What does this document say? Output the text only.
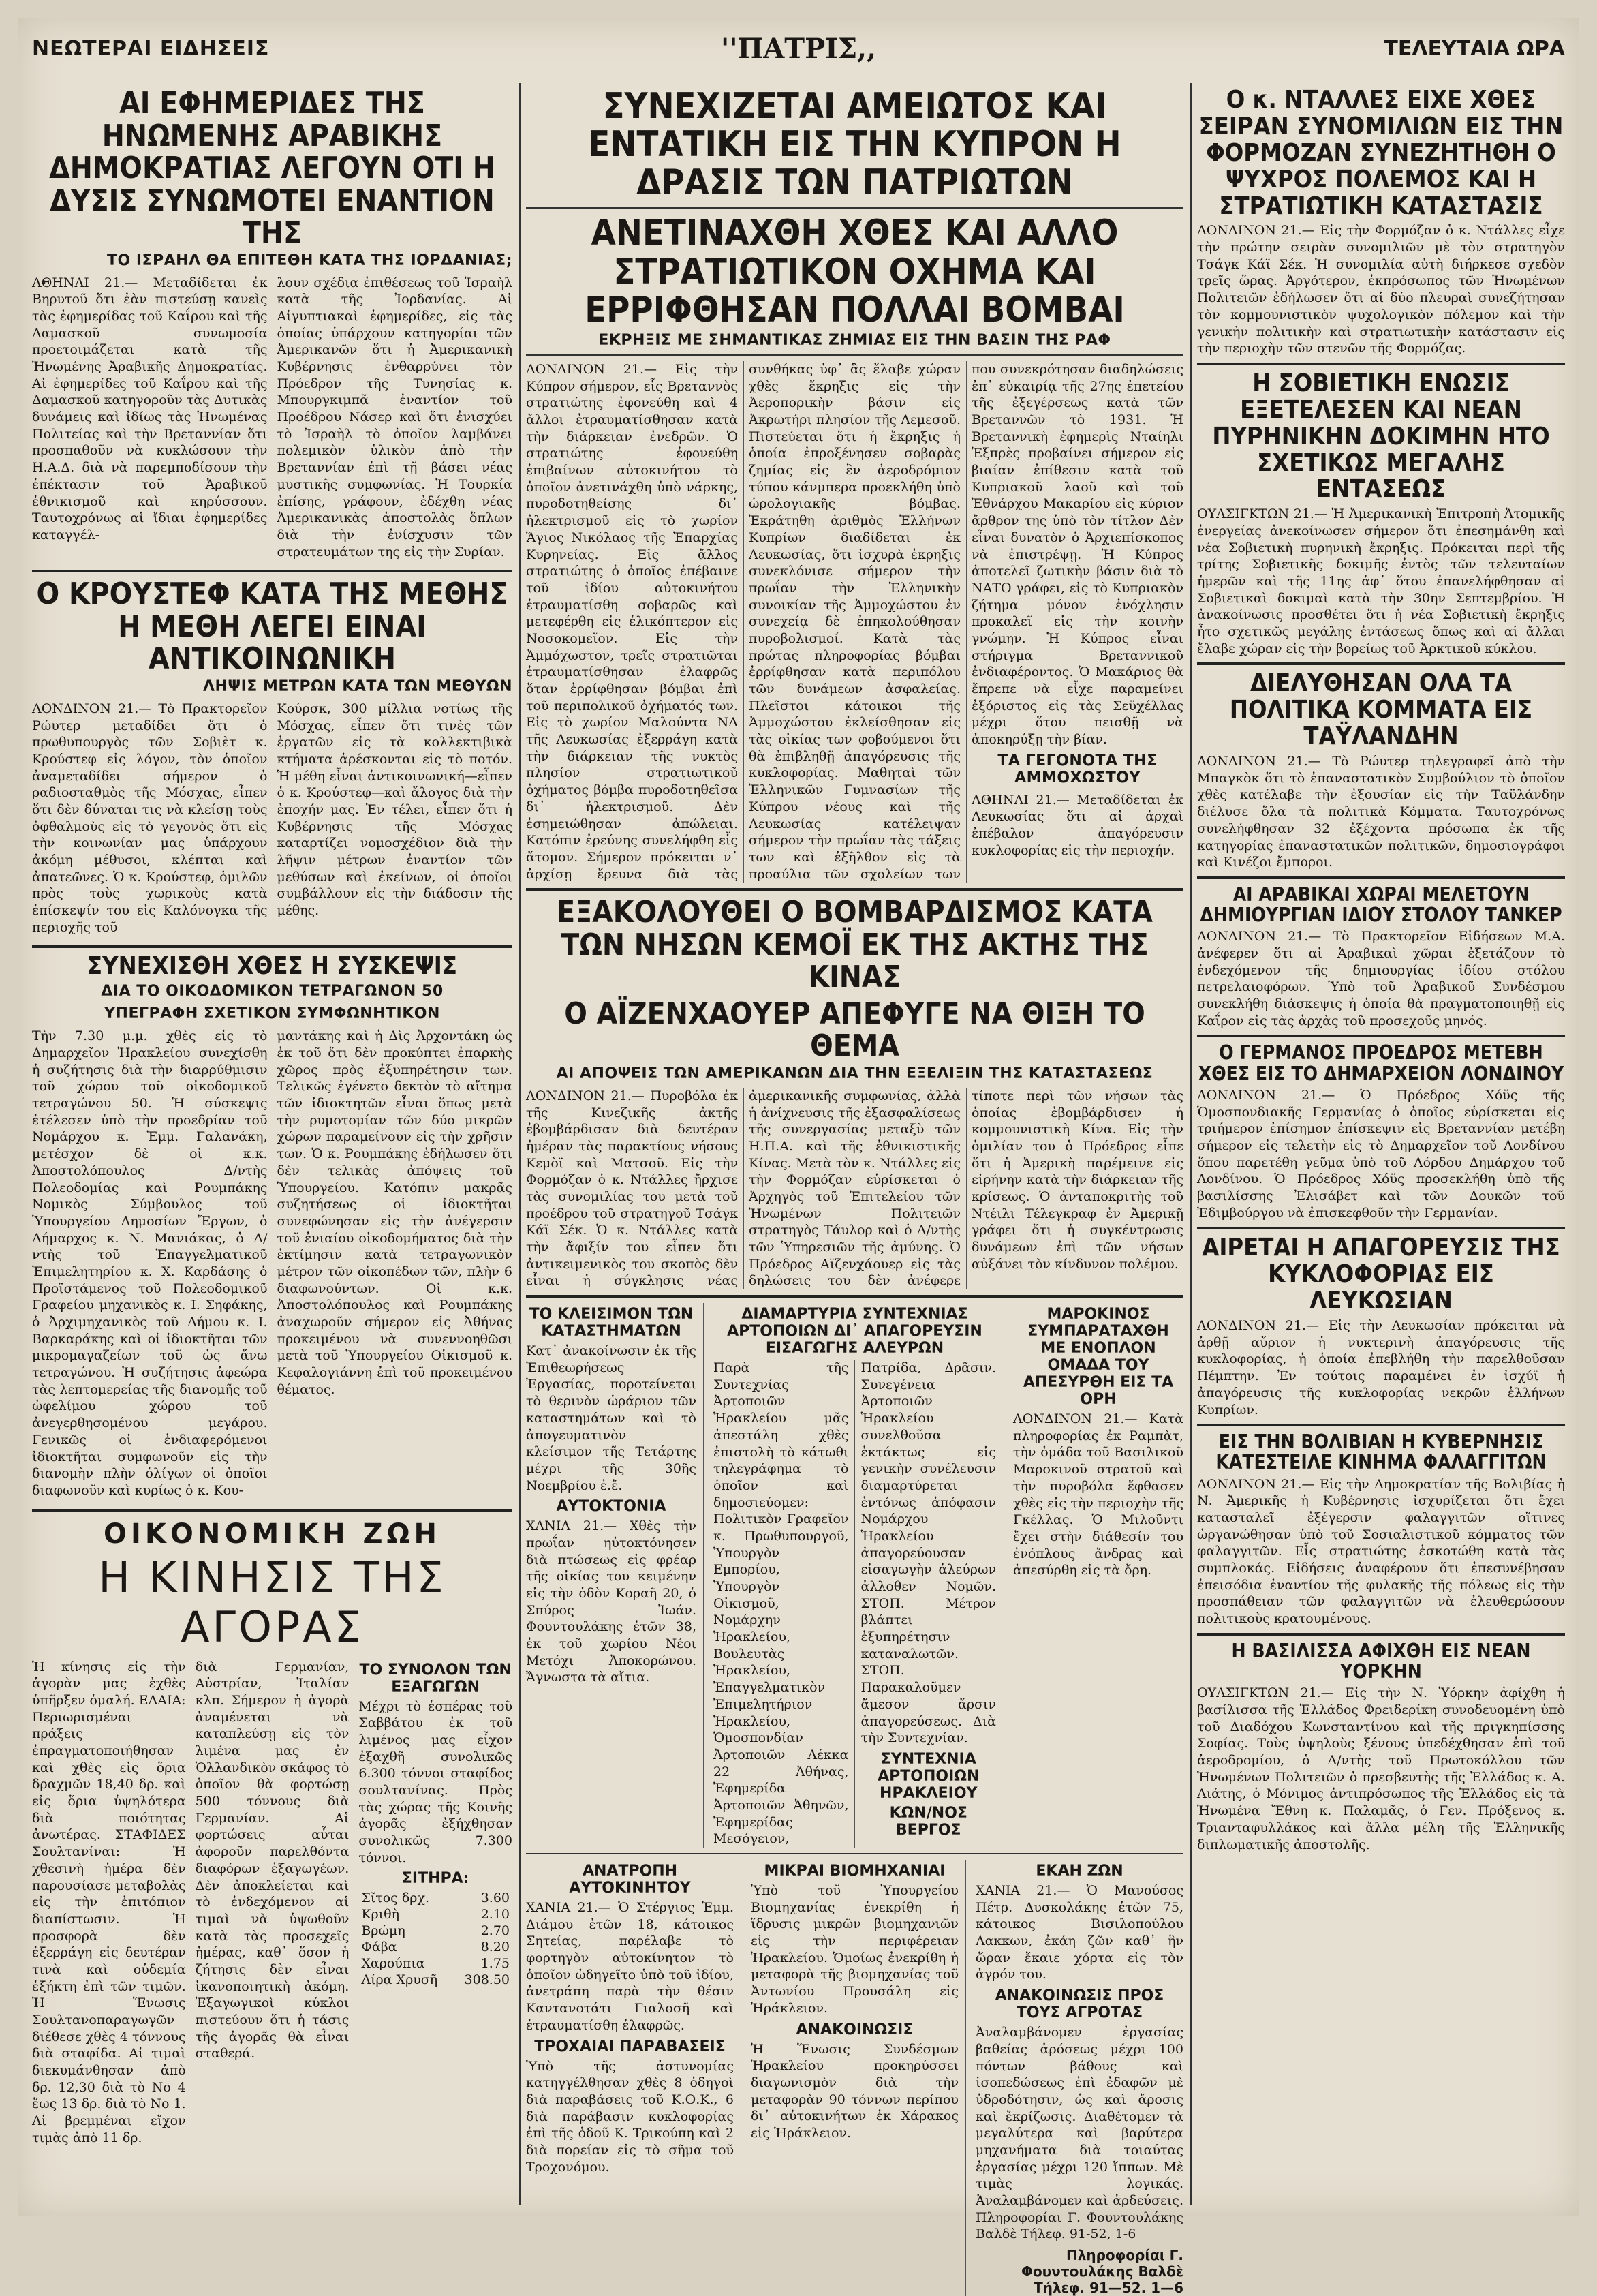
ΝΕΩΤΕΡΑΙ ΕΙΔΗΣΕΙΣ	''ΠΑΤΡΙΣ,,	ΤΕΛΕΥΤΑΙΑ ΩΡΑ
ΑΙ ΕΦΗΜΕΡΙΔΕΣ ΤΗΣ ΗΝΩΜΕΝΗΣ ΑΡΑΒΙΚΗΣ ΔΗΜΟΚΡΑΤΙΑΣ ΛΕΓΟΥΝ ΟΤΙ Η ΔΥΣΙΣ ΣΥΝΩΜΟΤΕΙ ΕΝΑΝΤΙΟΝ ΤΗΣ
ΤΟ ΙΣΡΑΗΛ ΘΑ ΕΠΙΤΕΘΗ ΚΑΤΑ ΤΗΣ ΙΟΡΔΑΝΙΑΣ;

ΑΘΗΝΑΙ 21.— Μεταδίδεται ἐκ Βηρυτοῦ ὅτι ἐὰν πιστεύσῃ κανεὶς τὰς ἐφημερίδας τοῦ Καΐρου καὶ τῆς Δαμασκοῦ συνωμοσία προετοιμάζεται κατὰ τῆς Ἡνωμένης Ἀραβικῆς Δημοκρατίας. Αἱ ἐφημερίδες τοῦ Καΐρου καὶ τῆς Δαμασκοῦ κατηγοροῦν τὰς Δυτικὰς δυνάμεις καὶ ἰδίως τὰς Ἡνωμένας Πολιτείας καὶ τὴν Βρεταννίαν ὅτι προσπαθοῦν νὰ κυκλώσουν τὴν Η.Α.Δ. διὰ νὰ παρεμποδίσουν τὴν ἐπέκτασιν τοῦ Ἀραβικοῦ ἐθνικισμοῦ καὶ κηρύσσουν. Ταυτοχρόνως αἱ ἴδιαι ἐφημερίδες καταγγέλ-

λουν σχέδια ἐπιθέσεως τοῦ Ἰσραὴλ κατὰ τῆς Ἰορδανίας. Αἱ Αἰγυπτιακαὶ ἐφημερίδες, εἰς τὰς ὁποίας ὑπάρχουν κατηγορίαι τῶν Ἀμερικανῶν ὅτι ἡ Ἀμερικανικὴ Κυβέρνησις ἐνθαρρύνει τὸν Πρόεδρον τῆς Τυνησίας κ. Μπουργκιμπᾶ ἐναντίον τοῦ Προέδρου Νάσερ καὶ ὅτι ἐνισχύει τὸ Ἰσραὴλ τὸ ὁποῖον λαμβάνει πολεμικὸν ὑλικὸν ἀπὸ τὴν Βρεταννίαν ἐπὶ τῇ βάσει νέας μυστικῆς συμφωνίας. Ἡ Τουρκία ἐπίσης, γράφουν, ἐδέχθη νέας Ἀμερικανικὰς ἀποστολὰς ὅπλων διὰ τὴν ἐνίσχυσιν τῶν στρατευμάτων της εἰς τὴν Συρίαν.

Ο ΚΡΟΥΣΤΕΦ ΚΑΤΑ ΤΗΣ ΜΕΘΗΣ Η ΜΕΘΗ ΛΕΓΕΙ ΕΙΝΑΙ ΑΝΤΙΚΟΙΝΩΝΙΚΗ
ΛΗΨΙΣ ΜΕΤΡΩΝ ΚΑΤΑ ΤΩΝ ΜΕΘΥΩΝ

ΛΟΝΔΙΝΟΝ 21.— Τὸ Πρακτορεῖον Ρώυτερ μεταδίδει ὅτι ὁ πρωθυπουργὸς τῶν Σοβιὲτ κ. Κρούστεφ εἰς λόγον, τὸν ὁποῖον ἀναμεταδίδει σήμερον ὁ ραδιοσταθμὸς τῆς Μόσχας, εἶπεν ὅτι δὲν δύναται τις νὰ κλείσῃ τοὺς ὀφθαλμοὺς εἰς τὸ γεγονὸς ὅτι εἰς τὴν κοινωνίαν μας ὑπάρχουν ἀκόμη μέθυσοι, κλέπται καὶ ἀπατεῶνες. Ὁ κ. Κρούστεφ, ὁμιλῶν πρὸς τοὺς χωρικοὺς κατὰ ἐπίσκεψίν του εἰς Καλόνογκα τῆς περιοχῆς τοῦ

Κούρσκ, 300 μίλλια νοτίως τῆς Μόσχας, εἶπεν ὅτι τινὲς τῶν ἐργατῶν εἰς τὰ κολλεκτιβικὰ κτήματα ἀρέσκονται εἰς τὸ ποτόν. Ἡ μέθη εἶναι ἀντικοινωνική—εἶπεν ὁ κ. Κρούστεφ—καὶ ἄλογος διὰ τὴν ἐποχήν μας. Ἐν τέλει, εἶπεν ὅτι ἡ Κυβέρνησις τῆς Μόσχας καταρτίζει νομοσχέδιον διὰ τὴν λῆψιν μέτρων ἐναντίον τῶν μεθύσων καὶ ἐκείνων, οἱ ὁποῖοι συμβάλλουν εἰς τὴν διάδοσιν τῆς μέθης.

ΣΥΝΕΧΙΣΘΗ ΧΘΕΣ Η ΣΥΣΚΕΨΙΣ
ΔΙΑ ΤΟ ΟΙΚΟΔΟΜΙΚΟΝ ΤΕΤΡΑΓΩΝΟΝ 50
ΥΠΕΓΡΑΦΗ ΣΧΕΤΙΚΟΝ ΣΥΜΦΩΝΗΤΙΚΟΝ

Τὴν 7.30 μ.μ. χθὲς εἰς τὸ Δημαρχεῖον Ἡρακλείου συνεχίσθη ἡ συζήτησις διὰ τὴν διαρρύθμισιν τοῦ χώρου τοῦ οἰκοδομικοῦ τετραγώνου 50. Ἡ σύσκεψις ἐτέλεσεν ὑπὸ τὴν προεδρίαν τοῦ Νομάρχου κ. Ἐμμ. Γαλανάκη, μετέσχον δὲ οἱ κ.κ. Ἀποστολόπουλος Δ/ντὴς Πολεοδομίας καὶ Ρουμπάκης Νομικὸς Σύμβουλος τοῦ Ὑπουργείου Δημοσίων Ἔργων, ὁ Δήμαρχος κ. Ν. Μανιάκας, ὁ Δ/ντὴς τοῦ Ἐπαγγελματικοῦ Ἐπιμελητηρίου κ. Χ. Καρδάσης ὁ Προϊστάμενος τοῦ Πολεοδομικοῦ Γραφείου μηχανικὸς κ. Ι. Σηφάκης, ὁ Ἀρχιμηχανικὸς τοῦ Δήμου κ. Ι. Βαρκαράκης καὶ οἱ ἰδιοκτῆται τῶν μικρομαγαζείων τοῦ ὡς ἄνω τετραγώνου. Ἡ συζήτησις ἀφεώρα τὰς λεπτομερείας τῆς διανομῆς τοῦ ὠφελίμου χώρου τοῦ ἀνεγερθησομένου μεγάρου. Γενικῶς οἱ ἐνδιαφερόμενοι ἰδιοκτῆται συμφωνοῦν εἰς τὴν διανομὴν πλὴν ὀλίγων οἱ ὁποῖοι διαφωνοῦν καὶ κυρίως ὁ κ. Κου-

μαντάκης καὶ ἡ Δὶς Ἀρχοντάκη ὡς ἐκ τοῦ ὅτι δὲν προκύπτει ἐπαρκὴς χῶρος πρὸς ἐξυπηρέτησιν των. Τελικῶς ἐγένετο δεκτὸν τὸ αἴτημα τῶν ἰδιοκτητῶν εἶναι ὅπως μετὰ τὴν ρυμοτομίαν τῶν δύο μικρῶν χώρων παραμείνουν εἰς τὴν χρῆσιν των. Ὁ κ. Ρουμπάκης ἐδήλωσεν ὅτι δὲν τελικὰς ἀπόψεις τοῦ Ὑπουργείου. Κατόπιν μακρᾶς συζητήσεως οἱ ἰδιοκτῆται συνεφώνησαν εἰς τὴν ἀνέγερσιν τοῦ ἐνιαίου οἰκοδομήματος διὰ τὴν ἐκτίμησιν κατὰ τετραγωνικὸν μέτρον τῶν οἰκοπέδων τῶν, πλὴν 6 διαφωνούντων. Οἱ κ.κ. Ἀποστολόπουλος καὶ Ρουμπάκης ἀναχωροῦν σήμερον εἰς Ἀθήνας προκειμένου νὰ συνεννοηθῶσι μετὰ τοῦ Ὑπουργείου Οἰκισμοῦ κ. Κεφαλογιάννη ἐπὶ τοῦ προκειμένου θέματος.

ΟΙΚΟΝΟΜΙΚΗ ΖΩΗ
Η ΚΙΝΗΣΙΣ ΤΗΣ ΑΓΟΡΑΣ

Ἡ κίνησις εἰς τὴν ἀγορὰν μας ἐχθὲς ὑπῆρξεν ὁμαλή. ΕΛΑΙΑ: Περιωρισμέναι πράξεις ἐπραγματοποιήθησαν καὶ χθὲς εἰς ὅρια δραχμῶν 18,40 δρ. καὶ εἰς ὅρια ὑψηλότερα διὰ ποιότητας ἀνωτέρας. ΣΤΑΦΙΔΕΣ Σουλτανίναι: Ἡ χθεσινὴ ἡμέρα δὲν παρουσίασε μεταβολὰς εἰς τὴν ἐπιτόπιον διαπίστωσιν. Ἡ προσφορὰ δὲν ἐξερράγη εἰς δευτέραν τινὰ καὶ οὐδεμία ἐξήκτη ἐπὶ τῶν τιμῶν. Ἡ Ἕνωσις Σουλτανοπαραγωγῶν διέθεσε χθὲς 4 τόννους διὰ σταφίδα. Αἱ τιμαὶ διεκυμάνθησαν ἀπὸ δρ. 12,30 διὰ τὸ No 4 ἕως 13 δρ. διὰ τὸ No 1. Αἱ βρεμμέναι εἴχον τιμὰς ἀπὸ 11 δρ.

διὰ Γερμανίαν, Αὐστρίαν, Ἰταλίαν κλπ. Σήμερον ἡ ἀγορὰ ἀναμένεται νὰ καταπλεύσῃ εἰς τὸν λιμένα μας ἐν Ὁλλανδικὸν σκάφος τὸ ὁποῖον θὰ φορτώσῃ 500 τόννους διὰ Γερμανίαν. Αἱ φορτώσεις αὗται ἀφοροῦν παρελθόντα διαφόρων ἐξαγωγέων. Δὲν ἀποκλείεται καὶ τὸ ἐνδεχόμενον αἱ τιμαὶ νὰ ὑψωθοῦν κατὰ τὰς προσεχεῖς ἡμέρας, καθ᾽ ὅσον ἡ ζήτησις δὲν εἶναι ἱκανοποιητικὴ ἀκόμη. Ἐξαγωγικοὶ κύκλοι πιστεύουν ὅτι ἡ τάσις τῆς ἀγορᾶς θὰ εἶναι σταθερά.

ΤΟ ΣΥΝΟΛΟΝ ΤΩΝ ΕΞΑΓΩΓΩΝ

Μέχρι τὸ ἑσπέρας τοῦ Σαββάτου ἐκ τοῦ λιμένος μας εἶχον ἐξαχθῆ συνολικῶς 6.300 τόννοι σταφίδος σουλτανίνας. Πρὸς τὰς χώρας τῆς Κοινῆς ἀγορᾶς ἐξήχθησαν συνολικῶς 7.300 τόννοι.

ΣΙΤΗΡΑ:
Σῖτος δρχ.	3.60
Κριθὴ	2.10
Βρώμη	2.70
Φάβα	8.20
Χαρούπια	1.75
Λίρα Χρυσῆ	308.50
ΣΥΝΕΧΙΖΕΤΑΙ ΑΜΕΙΩΤΟΣ ΚΑΙ ΕΝΤΑΤΙΚΗ ΕΙΣ ΤΗΝ ΚΥΠΡΟΝ Η ΔΡΑΣΙΣ ΤΩΝ ΠΑΤΡΙΩΤΩΝ
ΑΝΕΤΙΝΑΧΘΗ ΧΘΕΣ ΚΑΙ ΑΛΛΟ ΣΤΡΑΤΙΩΤΙΚΟΝ ΟΧΗΜΑ ΚΑΙ ΕΡΡΙΦΘΗΣΑΝ ΠΟΛΛΑΙ ΒΟΜΒΑΙ
ΕΚΡΗΞΙΣ ΜΕ ΣΗΜΑΝΤΙΚΑΣ ΖΗΜΙΑΣ ΕΙΣ ΤΗΝ ΒΑΣΙΝ ΤΗΣ ΡΑΦ

ΛΟΝΔΙΝΟΝ 21.— Εἰς τὴν Κύπρον σήμερον, εἷς Βρεταννὸς στρατιώτης ἐφονεύθη καὶ 4 ἄλλοι ἐτραυματίσθησαν κατὰ τὴν διάρκειαν ἐνεδρῶν. Ὁ στρατιώτης ἐφονεύθη ἐπιβαίνων αὐτοκινήτου τὸ ὁποῖον ἀνετινάχθη ὑπὸ νάρκης, πυροδοτηθείσης δι᾽ ἠλεκτρισμοῦ εἰς τὸ χωρίον Ἅγιος Νικόλαος τῆς Ἐπαρχίας Κυρηνείας. Εἰς ἄλλος στρατιώτης ὁ ὁποῖος ἐπέβαινε τοῦ ἰδίου αὐτοκινήτου ἐτραυματίσθη σοβαρῶς καὶ μετεφέρθη εἰς ἑλικόπτερον εἰς Νοσοκομεῖον. Εἰς τὴν Ἀμμόχωστον, τρεῖς στρατιῶται ἐτραυματίσθησαν ἐλαφρῶς ὅταν ἐρρίφθησαν βόμβαι ἐπὶ τοῦ περιπολικοῦ ὀχήματός των. Εἰς τὸ χωρίον Μαλούντα ΝΔ τῆς Λευκωσίας ἐξερράγη κατὰ τὴν διάρκειαν τῆς νυκτὸς πλησίον στρατιωτικοῦ ὀχήματος βόμβα πυροδοτηθεῖσα δι᾽ ἠλεκτρισμοῦ. Δὲν ἐσημειώθησαν ἀπώλειαι. Κατόπιν ἐρεύνης συνελήφθη εἷς ἄτομον. Σήμερον πρόκειται ν᾽ ἀρχίσῃ ἔρευνα διὰ τὰς συνθήκας ὑφ᾽ ἃς ἔλαβε χώραν χθὲς ἔκρηξις εἰς τὴν Ἀεροπορικὴν βάσιν εἰς Ἀκρωτήρι πλησίον τῆς Λεμεσοῦ. Πιστεύεται ὅτι ἡ ἔκρηξις ἡ ὁποία ἐπροξένησεν σοβαρὰς ζημίας εἰς ἓν ἀεροδρόμιον τύπου κάνμπερα προεκλήθη ὑπὸ ὡρολογιακῆς βόμβας. Ἐκράτηθη ἀριθμὸς Ἑλλήνων Κυπρίων διαδίδεται ἐκ Λευκωσίας, ὅτι ἰσχυρὰ ἐκρηξις συνεκλόνισε σήμερον τὴν πρωΐαν τὴν Ἑλληνικὴν συνοικίαν τῆς Ἀμμοχώστου ἐν συνεχείᾳ δὲ ἐπηκολούθησαν πυροβολισμοί. Κατὰ τὰς πρώτας πληροφορίας βόμβαι ἐρρίφθησαν κατὰ περιπόλου τῶν δυνάμεων ἀσφαλείας. Πλεῖστοι κάτοικοι τῆς Ἀμμοχώστου ἐκλείσθησαν εἰς τὰς οἰκίας των φοβούμενοι ὅτι θὰ ἐπιβληθῇ ἀπαγόρευσις τῆς κυκλοφορίας. Μαθηταὶ τῶν Ἑλληνικῶν Γυμνασίων τῆς Κύπρου νέους καὶ τῆς Λευκωσίας κατέλειψαν σήμερον τὴν πρωΐαν τὰς τάξεις των καὶ ἐξῆλθον εἰς τὰ προαύλια τῶν σχολείων των που συνεκρότησαν διαδηλώσεις ἐπ᾽ εὐκαιρίᾳ τῆς 27ης ἐπετείου τῆς ἐξεγέρσεως κατὰ τῶν Βρεταννῶν τὸ 1931. Ἡ Βρεταννικὴ ἐφημερὶς Νταίηλι Ἐξπρὲς προβαίνει σήμερον εἰς βιαίαν ἐπίθεσιν κατὰ τοῦ Κυπριακοῦ λαοῦ καὶ τοῦ Ἐθνάρχου Μακαρίου εἰς κύριον ἄρθρον της ὑπὸ τὸν τίτλον Δὲν εἶναι δυνατὸν ὁ Ἀρχιεπίσκοπος νὰ ἐπιστρέψῃ. Ἡ Κύπρος ἀποτελεῖ ζωτικὴν βάσιν διὰ τὸ ΝΑΤΟ γράφει, εἰς τὸ Κυπριακὸν ζήτημα μόνον ἐνόχλησιν προκαλεῖ εἰς τὴν κοινὴν γνώμην. Ἡ Κύπρος εἶναι στήριγμα Βρεταννικοῦ ἐνδιαφέροντος. Ὁ Μακάριος θὰ ἔπρεπε νὰ εἶχε παραμείνει ἐξόριστος εἰς τὰς Σεϋχέλλας μέχρι ὅτου πεισθῇ νὰ ἀποκηρύξῃ τὴν βίαν.

ΤΑ ΓΕΓΟΝΟΤΑ ΤΗΣ ΑΜΜΟΧΩΣΤΟΥ

ΑΘΗΝΑΙ 21.— Μεταδίδεται ἐκ Λευκωσίας ὅτι αἱ ἀρχαὶ ἐπέβαλον ἀπαγόρευσιν κυκλοφορίας εἰς τὴν περιοχήν.

ΕΞΑΚΟΛΟΥΘΕΙ Ο ΒΟΜΒΑΡΔΙΣΜΟΣ ΚΑΤΑ ΤΩΝ ΝΗΣΩΝ ΚΕΜΟΪ ΕΚ ΤΗΣ ΑΚΤΗΣ ΤΗΣ ΚΙΝΑΣ
Ο ΑΪΖΕΝΧΑΟΥΕΡ ΑΠΕΦΥΓΕ ΝΑ ΘΙΞΗ ΤΟ ΘΕΜΑ
ΑΙ ΑΠΟΨΕΙΣ ΤΩΝ ΑΜΕΡΙΚΑΝΩΝ ΔΙΑ ΤΗΝ ΕΞΕΛΙΞΙΝ ΤΗΣ ΚΑΤΑΣΤΑΣΕΩΣ

ΛΟΝΔΙΝΟΝ 21.— Πυροβόλα ἐκ τῆς Κινεζικῆς ἀκτῆς ἐβομβάρδισαν διὰ δευτέραν ἡμέραν τὰς παρακτίους νήσους Κεμὸϊ καὶ Ματσοῦ. Εἰς τὴν Φορμόζαν ὁ κ. Ντάλλες ἤρχισε τὰς συνομιλίας του μετὰ τοῦ προέδρου τοῦ στρατηγοῦ Τσάγκ Κάϊ Σέκ. Ὁ κ. Ντάλλες κατὰ τὴν ἄφιξίν του εἶπεν ὅτι ἀντικειμενικὸς του σκοπὸς δὲν εἶναι ἡ σύγκλησις νέας ἀμερικανικῆς συμφωνίας, ἀλλὰ ἡ ἀνίχνευσις τῆς ἐξασφαλίσεως τῆς συνεργασίας μεταξὺ τῶν Η.Π.Α. καὶ τῆς ἐθνικιστικῆς Κίνας. Μετὰ τὸν κ. Ντάλλες εἰς τὴν Φορμόζαν εὑρίσκεται ὁ Ἀρχηγὸς τοῦ Ἐπιτελείου τῶν Ἡνωμένων Πολιτειῶν στρατηγὸς Τάυλορ καὶ ὁ Δ/ντὴς τῶν Ὑπηρεσιῶν τῆς ἀμύνης. Ὁ Πρόεδρος Αϊζενχάουερ εἰς τὰς δηλώσεις του δὲν ἀνέφερε τίποτε περὶ τῶν νήσων τὰς ὁποίας ἐβομβάρδισεν ἡ κομμουνιστικὴ Κίνα. Εἰς τὴν ὁμιλίαν του ὁ Πρόεδρος εἶπε ὅτι ἡ Ἀμερικὴ παρέμεινε εἰς εἰρήνην κατὰ τὴν διάρκειαν τῆς κρίσεως. Ὁ ἀνταποκριτὴς τοῦ Ντέιλι Τέλεγκραφ ἐν Ἀμερικῇ γράφει ὅτι ἡ συγκέντρωσις δυνάμεων ἐπὶ τῶν νήσων αὐξάνει τὸν κίνδυνον πολέμου.

ΤΟ ΚΛΕΙΣΙΜΟΝ ΤΩΝ ΚΑΤΑΣΤΗΜΑΤΩΝ

Κατ᾽ ἀνακοίνωσιν ἐκ τῆς Ἐπιθεωρήσεως Ἐργασίας, ποροτείνεται τὸ θερινὸν ὡράριον τῶν καταστημάτων καὶ τὸ ἀπογευματινὸν κλείσιμον τῆς Τετάρτης μέχρι τῆς 30ῆς Νοεμβρίου ἐ.ἔ.

ΑΥΤΟΚΤΟΝΙΑ

ΧΑΝΙΑ 21.— Χθὲς τὴν πρωΐαν ηὐτοκτόνησεν διὰ πτώσεως εἰς φρέαρ τῆς οἰκίας του κειμένην εἰς τὴν ὁδὸν Κοραῆ 20, ὁ Σπύρος Ἰωάν. Φουντουλάκης ἐτῶν 38, ἐκ τοῦ χωρίου Νέοι Μετόχι Ἀποκορώνου. Ἄγνωστα τὰ αἴτια.

ΔΙΑΜΑΡΤΥΡΙΑ ΣΥΝΤΕΧΝΙΑΣ ΑΡΤΟΠΟΙΩΝ ΔΙ᾽ ΑΠΑΓΟΡΕΥΣΙΝ ΕΙΣΑΓΩΓΗΣ ΑΛΕΥΡΩΝ

Παρὰ τῆς Συντεχνίας Ἀρτοποιῶν Ἡρακλείου μᾶς ἀπεστάλη χθὲς ἐπιστολὴ τὸ κάτωθι τηλεγράφημα τὸ ὁποῖον καὶ δημοσιεύομεν: Πολιτικὸν Γραφεῖον κ. Πρωθυπουργοῦ, Ὑπουργὸν Εμπορίου, Ὑπουργὸν Οἰκισμοῦ, Νομάρχην Ἡρακλείου, Βουλευτὰς Ἡρακλείου, Ἐπαγγελματικὸν Ἐπιμελητήριον Ἡρακλείου, Ὁμοσπονδίαν Ἀρτοποιῶν Λέκκα 22 Ἀθήνας, Ἐφημερίδα Ἀρτοποιῶν Ἀθηνῶν, Ἐφημερίδας Μεσόγειον, Πατρίδα, Δρᾶσιν. Συνεγένεια Ἀρτοποιῶν Ἡρακλείου συνελθοῦσα ἐκτάκτως εἰς γενικὴν συνέλευσιν διαμαρτύρεται ἐντόνως ἀπόφασιν Νομάρχου Ἡρακλείου ἀπαγορεύουσαν εἰσαγωγὴν ἀλεύρων ἀλλοθεν Νομῶν. ΣΤΟΠ. Μέτρον βλάπτει ἐξυπηρέτησιν καταναλωτῶν. ΣΤΟΠ. Παρακαλοῦμεν ἄμεσον ἄρσιν ἀπαγορεύσεως. Διὰ τὴν Συντεχνίαν.

ΣΥΝΤΕΧΝΙΑ ΑΡΤΟΠΟΙΩΝ ΗΡΑΚΛΕΙΟΥ
ΚΩΝ/ΝΟΣ ΒΕΡΓΟΣ
ΜΑΡΟΚΙΝΟΣ ΣΥΜΠΑΡΑΤΑΧΘΗ ΜΕ ΕΝΟΠΛΟΝ ΟΜΑΔΑ ΤΟΥ ΑΠΕΣΥΡΘΗ ΕΙΣ ΤΑ ΟΡΗ

ΛΟΝΔΙΝΟΝ 21.— Κατὰ πληροφορίας ἐκ Ραμπὰτ, τὴν ὁμάδα τοῦ Βασιλικοῦ Μαροκινοῦ στρατοῦ καὶ τὴν πυροβόλα ἔφθασεν χθὲς εἰς τὴν περιοχὴν τῆς Γκέλλας. Ὁ Μιλοῦντι ἔχει στὴν διάθεσίν του ἐνόπλους ἄνδρας καὶ ἀπεσύρθη εἰς τὰ ὄρη.

ΑΝΑΤΡΟΠΗ ΑΥΤΟΚΙΝΗΤΟΥ

ΧΑΝΙΑ 21.— Ὁ Στέργιος Ἐμμ. Διάμου ἐτῶν 18, κάτοικος Σητείας, παρέλαβε τὸ φορτηγὸν αὐτοκίνητον τὸ ὁποῖον ὠδηγεῖτο ὑπὸ τοῦ ἰδίου, ἀνετράπη παρὰ τὴν θέσιν Καντανοτάτι Γιαλοσῆ καὶ ἐτραυματίσθη ἐλαφρῶς.

ΤΡΟΧΑΙΑΙ ΠΑΡΑΒΑΣΕΙΣ

Ὑπὸ τῆς ἀστυνομίας κατηγγέλθησαν χθὲς 8 ὁδηγοὶ διὰ παραβάσεις τοῦ Κ.Ο.Κ., 6 διὰ παράβασιν κυκλοφορίας ἐπὶ τῆς ὁδοῦ Κ. Τρικούπη καὶ 2 διὰ πορείαν εἰς τὸ σῆμα τοῦ Τροχονόμου.

ΜΙΚΡΑΙ ΒΙΟΜΗΧΑΝΙΑΙ

Ὑπὸ τοῦ Ὑπουργείου Βιομηχανίας ἐνεκρίθη ἡ ἵδρυσις μικρῶν βιομηχανιῶν εἰς τὴν περιφέρειαν Ἡρακλείου. Ὁμοίως ἐνεκρίθη ἡ μεταφορὰ τῆς βιομηχανίας τοῦ Ἀντωνίου Προυσάλη εἰς Ἡράκλειον.

ΑΝΑΚΟΙΝΩΣΙΣ

Ἡ Ἕνωσις Συνδέσμων Ἡρακλείου προκηρύσσει διαγωνισμὸν διὰ τὴν μεταφορὰν 90 τόννων περίπου δι᾽ αὐτοκινήτων ἐκ Χάρακος εἰς Ἡράκλειον.

ΕΚΑΗ ΖΩΝ

ΧΑΝΙΑ 21.— Ὁ Μανούσος Πέτρ. Δυσκολάκης ἐτῶν 75, κάτοικος Βισιλοπούλου Λακκων, ἐκάη ζῶν καθ᾽ ἣν ὥραν ἔκαιε χόρτα εἰς τὸν ἀγρόν του.

ΑΝΑΚΟΙΝΩΣΙΣ ΠΡΟΣ ΤΟΥΣ ΑΓΡΟΤΑΣ

Ἀναλαμβάνομεν ἐργασίας βαθείας ἀρόσεως μέχρι 100 πόντων βάθους καὶ ἰσοπεδώσεως ἐπὶ ἐδαφῶν μὲ ὑδροδότησιν, ὡς καὶ ἄροσις καὶ ἔκρίζωσις. Διαθέτομεν τὰ μεγαλύτερα καὶ βαρύτερα μηχανήματα διὰ τοιαύτας ἐργασίας μέχρι 120 ἵππων. Μὲ τιμὰς λογικάς. Ἀναλαμβάνομεν καὶ ἀρδεύσεις. Πληροφορίαι Γ. Φουντουλάκης Βαλδὲ Τήλεφ. 91-52, 1-6

Πληροφορίαι Γ. Φουντουλάκης Βαλδὲ Τήλεφ. 91—52. 1—6
Ο κ. ΝΤΑΛΛΕΣ ΕΙΧΕ ΧΘΕΣ ΣΕΙΡΑΝ ΣΥΝΟΜΙΛΙΩΝ ΕΙΣ ΤΗΝ ΦΟΡΜΟΖΑΝ ΣΥΝΕΖΗΤΗΘΗ Ο ΨΥΧΡΟΣ ΠΟΛΕΜΟΣ ΚΑΙ Η ΣΤΡΑΤΙΩΤΙΚΗ ΚΑΤΑΣΤΑΣΙΣ

ΛΟΝΔΙΝΟΝ 21.— Εἰς τὴν Φορμόζαν ὁ κ. Ντάλλες εἶχε τὴν πρώτην σειρὰν συνομιλιῶν μὲ τὸν στρατηγὸν Τσάγκ Κάϊ Σέκ. Ἡ συνομιλία αὐτὴ διήρκεσε σχεδὸν τρεῖς ὥρας. Ἀργότερον, ἐκπρόσωπος τῶν Ἡνωμένων Πολιτειῶν ἐδήλωσεν ὅτι αἱ δύο πλευραὶ συνεζήτησαν τὸν κομμουνιστικὸν ψυχολογικὸν πόλεμον καὶ τὴν γενικὴν πολιτικὴν καὶ στρατιωτικὴν κατάστασιν εἰς τὴν περιοχὴν τῶν στενῶν τῆς Φορμόζας.

Η ΣΟΒΙΕΤΙΚΗ ΕΝΩΣΙΣ ΕΞΕΤΕΛΕΣΕΝ ΚΑΙ ΝΕΑΝ ΠΥΡΗΝΙΚΗΝ ΔΟΚΙΜΗΝ ΗΤΟ ΣΧΕΤΙΚΩΣ ΜΕΓΑΛΗΣ ΕΝΤΑΣΕΩΣ

ΟΥΑΣΙΓΚΤΩΝ 21.— Ἡ Ἀμερικανικὴ Ἐπιτροπὴ Ἀτομικῆς ἐνεργείας ἀνεκοίνωσεν σήμερον ὅτι ἐπεσημάνθη καὶ νέα Σοβιετικὴ πυρηνικὴ ἔκρηξις. Πρόκειται περὶ τῆς τρίτης Σοβιετικῆς δοκιμῆς ἐντὸς τῶν τελευταίων ἡμερῶν καὶ τῆς 11ης ἀφ᾽ ὅτου ἐπανελήφθησαν αἱ Σοβιετικαὶ δοκιμαὶ κατὰ τὴν 30ην Σεπτεμβρίου. Ἡ ἀνακοίνωσις προσθέτει ὅτι ἡ νέα Σοβιετικὴ ἔκρηξις ἦτο σχετικῶς μεγάλης ἐντάσεως ὅπως καὶ αἱ ἄλλαι ἔλαβε χώραν εἰς τὴν βορείως τοῦ Ἀρκτικοῦ κύκλου.

ΔΙΕΛΥΘΗΣΑΝ ΟΛΑ ΤΑ ΠΟΛΙΤΙΚΑ ΚΟΜΜΑΤΑ ΕΙΣ ΤΑΫΛΑΝΔΗΝ

ΛΟΝΔΙΝΟΝ 21.— Τὸ Ρώυτερ τηλεγραφεῖ ἀπὸ τὴν Μπαγκὸκ ὅτι τὸ ἐπαναστατικὸν Συμβούλιον τὸ ὁποῖον χθὲς κατέλαβε τὴν ἐξουσίαν εἰς τὴν Ταϋλάνδην διέλυσε ὅλα τὰ πολιτικὰ Κόμματα. Ταυτοχρόνως συνελήφθησαν 32 ἐξέχοντα πρόσωπα ἐκ τῆς κατηγορίας ἐπαναστατικῶν πολιτικῶν, δημοσιογράφοι καὶ Κινέζοι ἔμποροι.

ΑΙ ΑΡΑΒΙΚΑΙ ΧΩΡΑΙ ΜΕΛΕΤΟΥΝ ΔΗΜΙΟΥΡΓΙΑΝ ΙΔΙΟΥ ΣΤΟΛΟΥ ΤΑΝΚΕΡ

ΛΟΝΔΙΝΟΝ 21.— Τὸ Πρακτορεῖον Εἰδήσεων Μ.Α. ἀνέφερεν ὅτι αἱ Ἀραβικαὶ χῶραι ἐξετάζουν τὸ ἐνδεχόμενον τῆς δημιουργίας ἰδίου στόλου πετρελαιοφόρων. Ὑπὸ τοῦ Ἀραβικοῦ Συνδέσμου συνεκλήθη διάσκεψις ἡ ὁποία θὰ πραγματοποιηθῇ εἰς Καΐρον εἰς τὰς ἀρχὰς τοῦ προσεχοῦς μηνός.

Ο ΓΕΡΜΑΝΟΣ ΠΡΟΕΔΡΟΣ ΜΕΤΕΒΗ ΧΘΕΣ ΕΙΣ ΤΟ ΔΗΜΑΡΧΕΙΟΝ ΛΟΝΔΙΝΟΥ

ΛΟΝΔΙΝΟΝ 21.— Ὁ Πρόεδρος Χόϋς τῆς Ὁμοσπονδιακῆς Γερμανίας ὁ ὁποῖος εὑρίσκεται εἰς τριήμερον ἐπίσημον ἐπίσκεψιν εἰς Βρεταννίαν μετέβη σήμερον εἰς τελετὴν εἰς τὸ Δημαρχεῖον τοῦ Λονδίνου ὅπου παρετέθη γεῦμα ὑπὸ τοῦ Λόρδου Δημάρχου τοῦ Λονδίνου. Ὁ Πρόεδρος Χόϋς προσεκλήθη ὑπὸ τῆς βασιλίσσης Ἐλισάβετ καὶ τῶν Δουκῶν τοῦ Ἐδιμβούργου νὰ ἐπισκεφθοῦν τὴν Γερμανίαν.

ΑΙΡΕΤΑΙ Η ΑΠΑΓΟΡΕΥΣΙΣ ΤΗΣ ΚΥΚΛΟΦΟΡΙΑΣ ΕΙΣ ΛΕΥΚΩΣΙΑΝ

ΛΟΝΔΙΝΟΝ 21.— Εἰς τὴν Λευκωσίαν πρόκειται νὰ ἀρθῇ αὔριον ἡ νυκτερινὴ ἀπαγόρευσις τῆς κυκλοφορίας, ἡ ὁποία ἐπεβλήθη τὴν παρελθοῦσαν Πέμπτην. Ἐν τούτοις παραμένει ἐν ἰσχύϊ ἡ ἀπαγόρευσις τῆς κυκλοφορίας νεκρῶν ἑλλήνων Κυπρίων.

ΕΙΣ ΤΗΝ ΒΟΛΙΒΙΑΝ Η ΚΥΒΕΡΝΗΣΙΣ ΚΑΤΕΣΤΕΙΛΕ ΚΙΝΗΜΑ ΦΑΛΑΓΓΙΤΩΝ

ΛΟΝΔΙΝΟΝ 21.— Εἰς τὴν Δημοκρατίαν τῆς Βολιβίας ἡ Ν. Ἀμερικῆς ἡ Κυβέρνησις ἰσχυρίζεται ὅτι ἔχει κατασταλεῖ ἐξέγερσιν φαλαγγιτῶν οἵτινες ὠργανώθησαν ὑπὸ τοῦ Σοσιαλιστικοῦ κόμματος τῶν φαλαγγιτῶν. Εἷς στρατιώτης ἐσκοτώθη κατὰ τὰς συμπλοκάς. Εἰδήσεις ἀναφέρουν ὅτι ἐπεσυνέβησαν ἐπεισόδια ἐναντίον τῆς φυλακῆς τῆς πόλεως εἰς τὴν προσπάθειαν τῶν φαλαγγιτῶν νὰ ἐλευθερώσουν πολιτικοὺς κρατουμένους.

Η ΒΑΣΙΛΙΣΣΑ ΑΦΙΧΘΗ ΕΙΣ ΝΕΑΝ ΥΟΡΚΗΝ

ΟΥΑΣΙΓΚΤΩΝ 21.— Εἰς τὴν Ν. Ὑόρκην ἀφίχθη ἡ βασίλισσα τῆς Ἑλλάδος Φρειδερίκη συνοδευομένη ὑπὸ τοῦ Διαδόχου Κωνσταντίνου καὶ τῆς πριγκηπίσσης Σοφίας. Τοὺς ὑψηλοὺς ξένους ὑπεδέχθησαν ἐπὶ τοῦ ἀεροδρομίου, ὁ Δ/ντὴς τοῦ Πρωτοκόλλου τῶν Ἡνωμένων Πολιτειῶν ὁ πρεσβευτὴς τῆς Ἑλλάδος κ. Α. Λιάτης, ὁ Μόνιμος ἀντιπρόσωπος τῆς Ἑλλάδος εἰς τὰ Ἡνωμένα Ἔθνη κ. Παλαμᾶς, ὁ Γεν. Πρόξενος κ. Τριανταφυλλάκος καὶ ἄλλα μέλη τῆς Ἑλληνικῆς διπλωματικῆς ἀποστολῆς.
